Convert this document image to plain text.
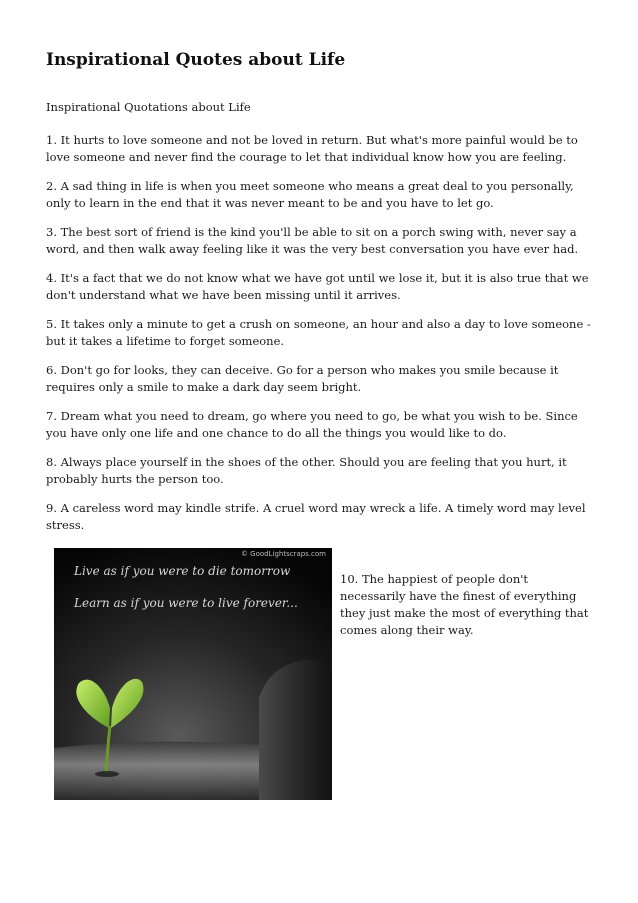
Inspirational Quotes about Life

Inspirational Quotations about Life

1. It hurts to love someone and not be loved in return. But what's more painful would be to love someone and never find the courage to let that individual know how you are feeling.
2. A sad thing in life is when you meet someone who means a great deal to you personally, only to learn in the end that it was never meant to be and you have to let go.
3. The best sort of friend is the kind you'll be able to sit on a porch swing with, never say a word, and then walk away feeling like it was the very best conversation you have ever had.
4. It's a fact that we do not know what we have got until we lose it, but it is also true that we don't understand what we have been missing until it arrives.
5. It takes only a minute to get a crush on someone, an hour and also a day to love someone -but it takes a lifetime to forget someone.
6. Don't go for looks, they can deceive. Go for a person who makes you smile because it requires only a smile to make a dark day seem bright.
7. Dream what you need to dream, go where you need to go, be what you wish to be. Since you have only one life and one chance to do all the things you would like to do.
8. Always place yourself in the shoes of the other. Should you are feeling that you hurt, it probably hurts the person too.
9. A careless word may kindle strife. A cruel word may wreck a life. A timely word may level stress.
© GoodLightscraps.com
Live as if you were to die tomorrow
Learn as if you were to live forever...

10. The happiest of people don't necessarily have the finest of everything they just make the most of everything that comes along their way.
